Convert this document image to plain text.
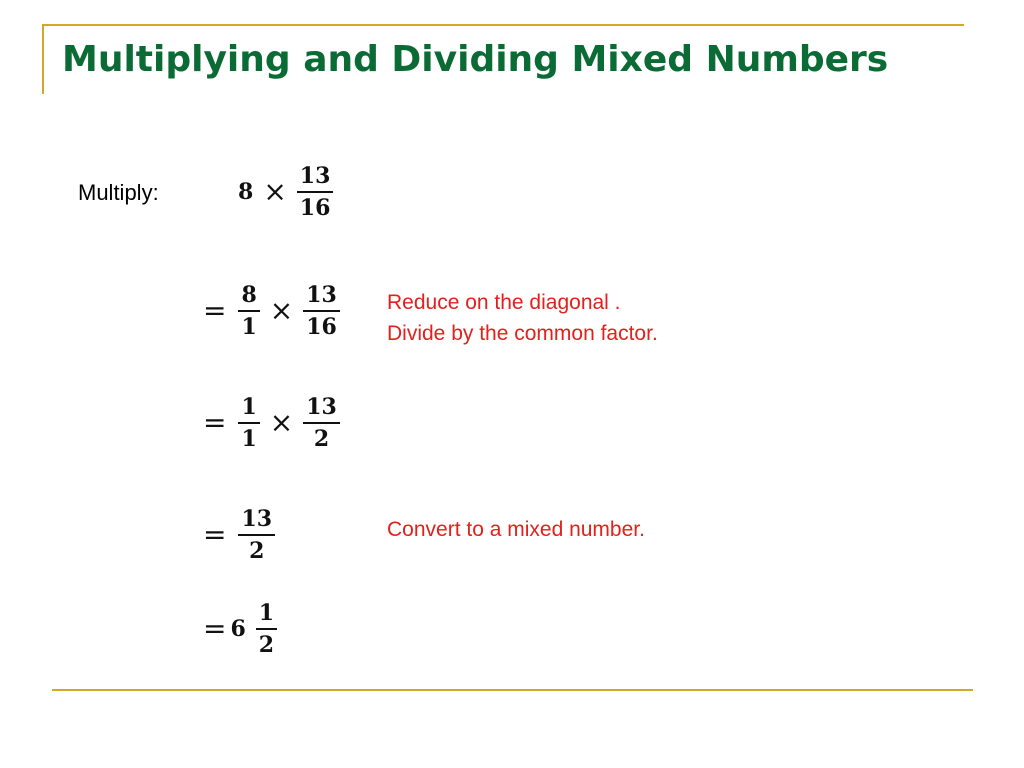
Multiplying and Dividing Mixed Numbers
Multiply:	$8 \times \frac{13}{16}$
= $\frac{8}{1} \times \frac{13}{16}$ Reduce on the diagonal .
Divide by the common factor.
= $\frac{1}{1} \times \frac{13}{2}$
= $\frac{13}{2}$	Convert to a mixed number.
= $6 \frac{1}{2}$
